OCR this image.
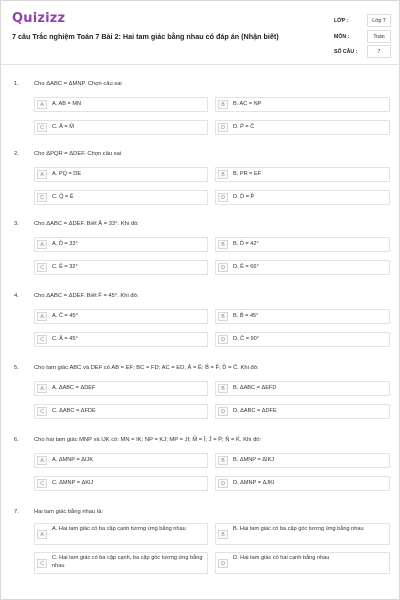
Quizizz
7 câu Trắc nghiệm Toán 7 Bài 2: Hai tam giác bằng nhau có đáp án (Nhận biết)
LỚP :	Lớp 7
MÔN :	Toán
SỐ CÂU :	7
1.	Cho ΔABC = ΔMNP. Chọn câu sai
A	A. AB = MN	B	B. AC = NP
C	C. Â = M̂	D	D. P̂ = Ĉ
2.	Cho ΔPQR = ΔDEF. Chọn câu sai
A	A. PQ = DE	B	B. PR = EF
C	C. Q̂ = Ê	D	D. D̂ = P̂
3.	Cho ΔABC = ΔDEF. Biết Â = 33°. Khi đó:
A	A. D̂ = 33°	B	B. D̂ = 42°
C	C. Ê = 32°	D	D. Ê = 66°
4.	Cho ΔABC = ΔDEF. Biết F̂ = 45°. Khi đó:
A	A. Ĉ = 45°	B	B. B̂ = 45°
C	C. Â = 45°	D	D. Ĉ = 90°
5.	Cho tam giác ABC và DEF có AB = EF; BC = FD; AC = ED; Â = Ê; B̂ = F̂; D̂ = Ĉ. Khi đó:
A	A. ΔABC = ΔDEF	B	B. ΔABC = ΔEFD
C	C. ΔABC = ΔFDE	D	D. ΔABC = ΔDFE
6.	Cho hai tam giác MNP và IJK có: MN = IK; NP = KJ; MP = JI; M̂ = Î; Ĵ = P̂; N̂ = K̂. Khi đó:
A	A. ΔMNP = ΔIJK	B	B. ΔMNP = ΔIKJ
C	C. ΔMNP = ΔKIJ	D	D. ΔMNP = ΔJKI
7.	Hai tam giác bằng nhau là:
A
A. Hai tam giác có ba cặp cạnh tương ứng bằng nhau
B
B. Hai tam giác có ba cặp góc tương ứng bằng nhau
C
C. Hai tam giác có ba cặp cạnh, ba cặp góc tương ứng bằng nhau	D
D. Hai tam giác có hai cạnh bằng nhau
